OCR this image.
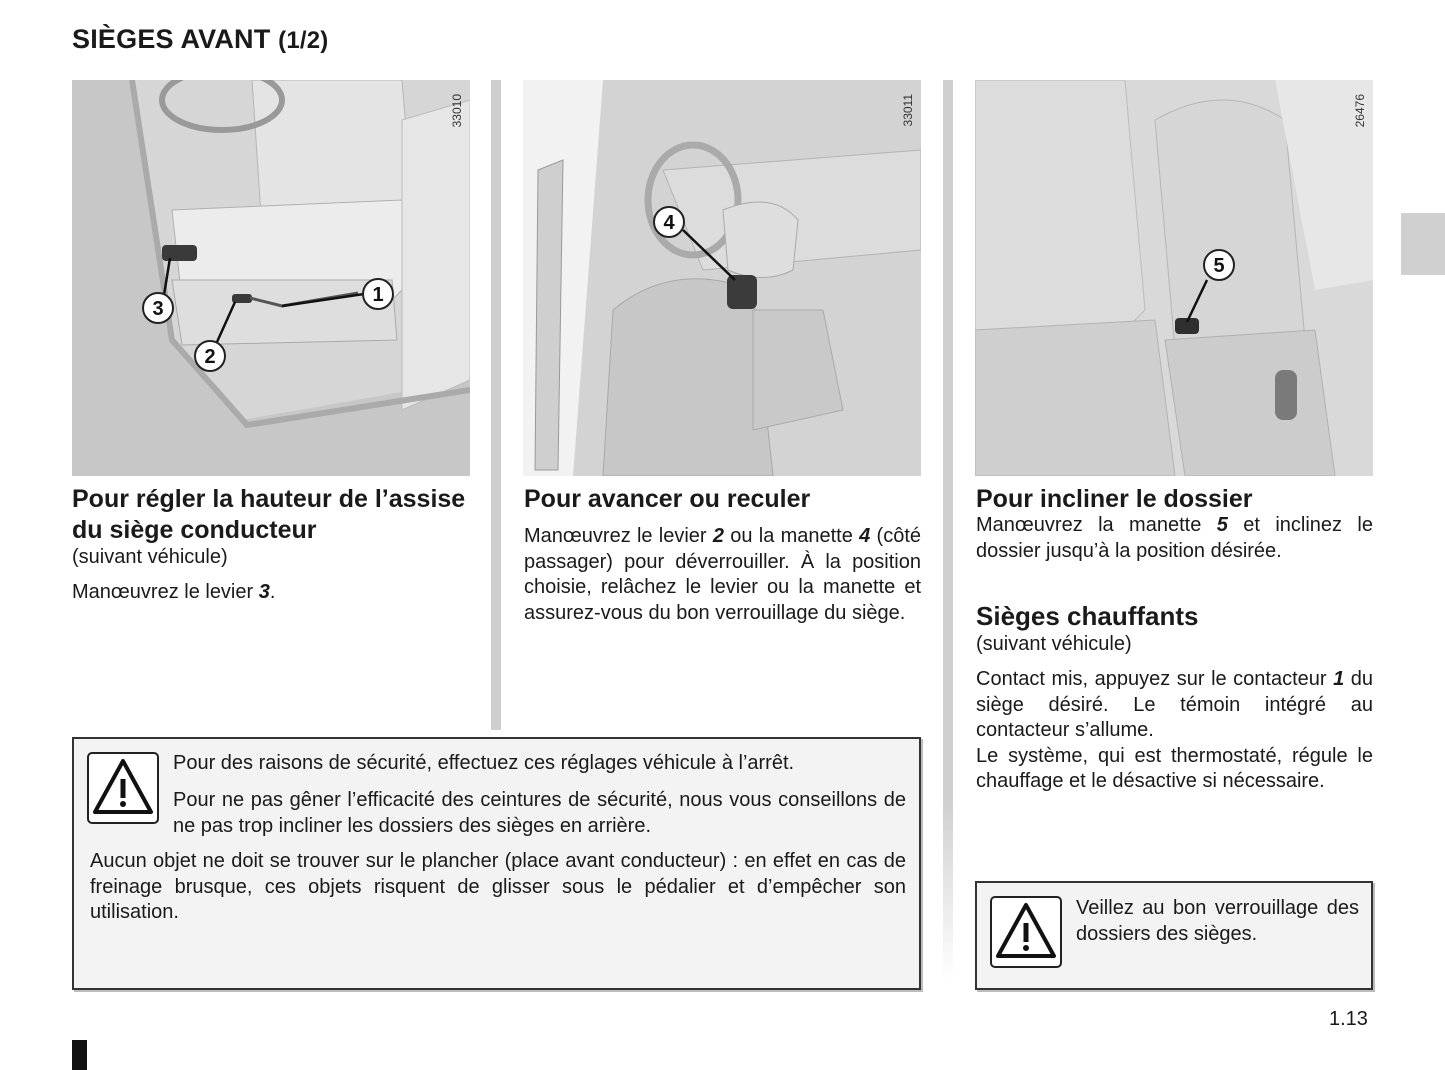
SIÈGES AVANT (1/2)
1
2
3
33010
4
33011
5
26476
Pour régler la hauteur de l’assise du siège conducteur
(suivant véhicule)
Manœuvrez le levier 3.
Pour avancer ou reculer
Manœuvrez le levier 2 ou la manette 4 (côté passager) pour déverrouiller. À la position choisie, relâchez le levier ou la manette et assurez-vous du bon verrouillage du siège.
Pour incliner le dossier
Manœuvrez la manette 5 et inclinez le dossier jusqu’à la position désirée.
Sièges chauffants
(suivant véhicule)
Contact mis, appuyez sur le contacteur 1 du siège désiré. Le témoin intégré au contacteur s’allume.
Le système, qui est thermostaté, régule le chauffage et le désactive si nécessaire.
Pour des raisons de sécurité, effectuez ces réglages véhicule à l’arrêt.
Pour ne pas gêner l’efficacité des ceintures de sécurité, nous vous conseillons de ne pas trop incliner les dossiers des sièges en arrière.
Aucun objet ne doit se trouver sur le plancher (place avant conducteur) : en effet en cas de freinage brusque, ces objets risquent de glisser sous le pédalier et d’empêcher son utilisation.	Veillez au bon verrouillage des dossiers des sièges.
1.13
